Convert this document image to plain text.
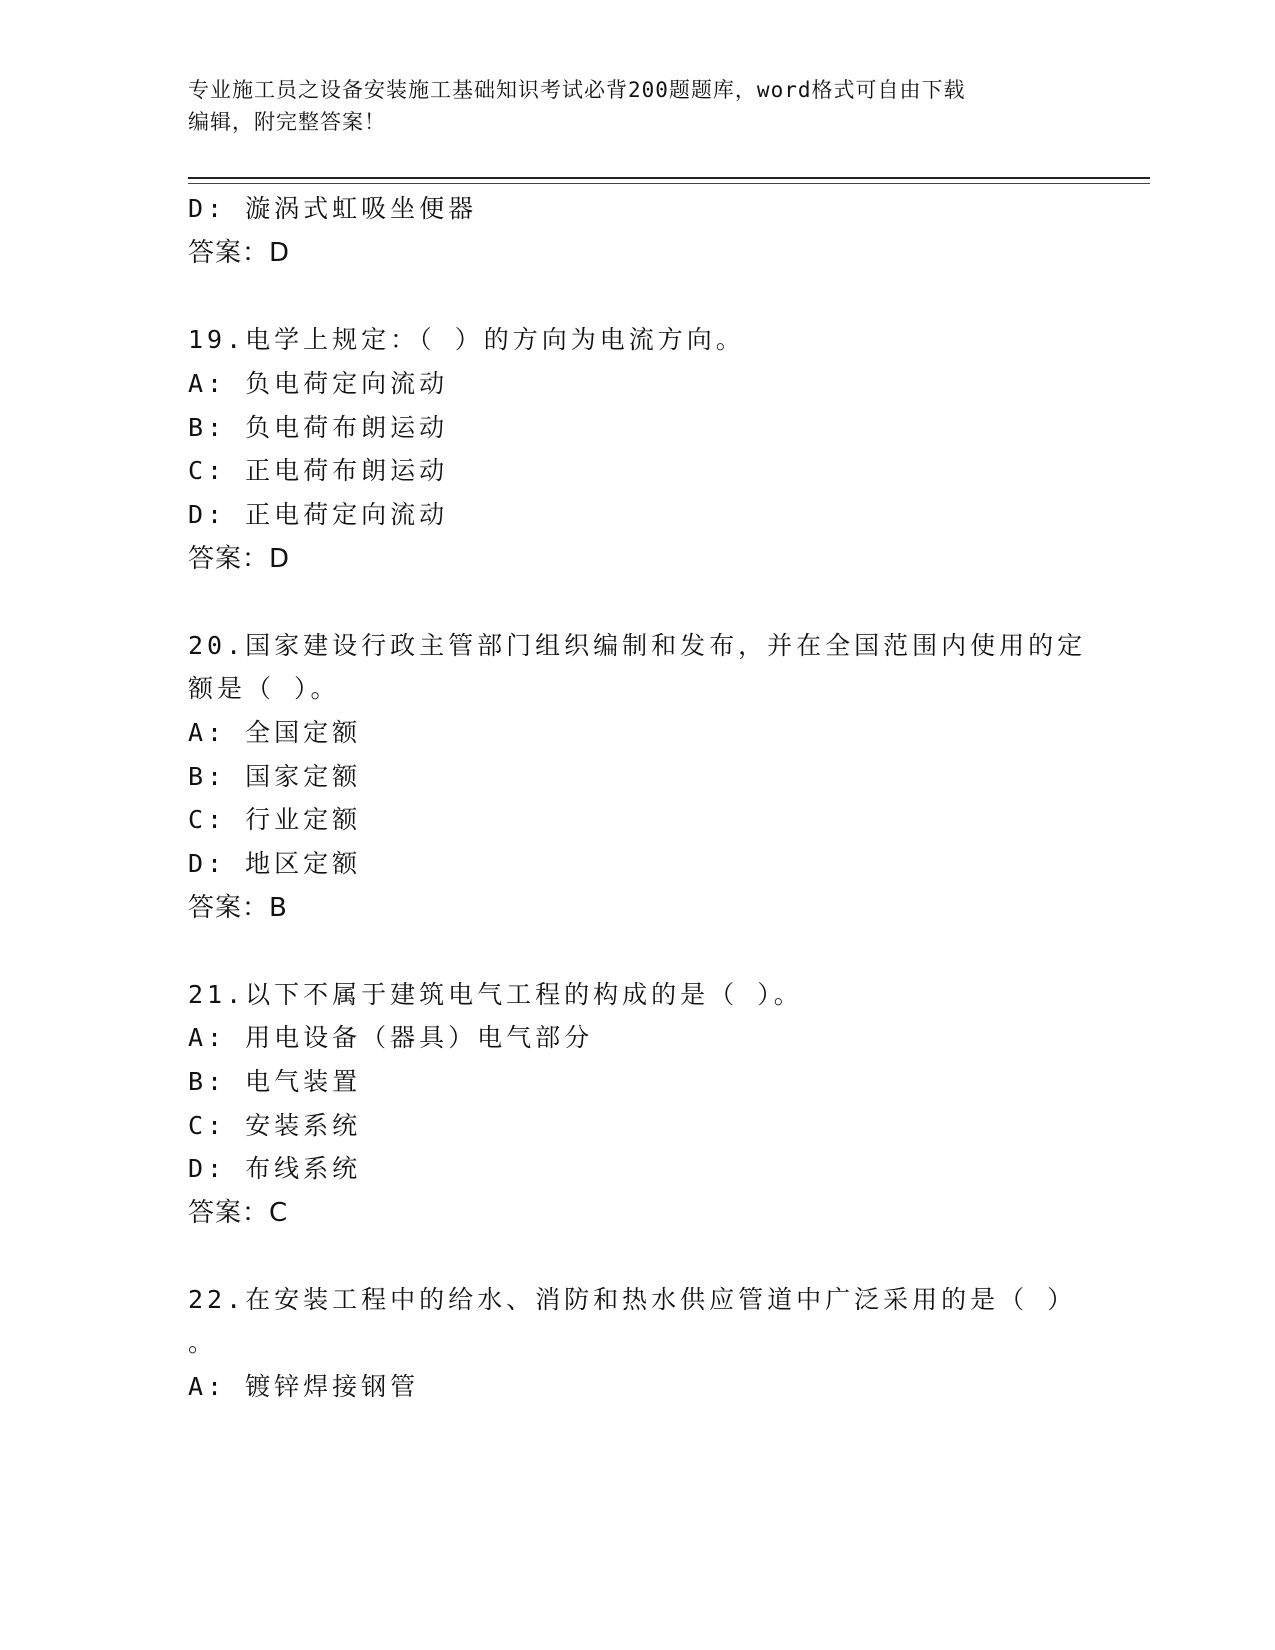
专业施工员之设备安装施工基础知识考试必背200题题库，word格式可自由下载
编辑，附完整答案！
D: 漩涡式虹吸坐便器
答案：D
19.电学上规定：（ ）的方向为电流方向。
A: 负电荷定向流动
B: 负电荷布朗运动
C: 正电荷布朗运动
D: 正电荷定向流动
答案：D
20.国家建设行政主管部门组织编制和发布，并在全国范围内使用的定
额是（ ）。
A: 全国定额
B: 国家定额
C: 行业定额
D: 地区定额
答案：B
21.以下不属于建筑电气工程的构成的是（ ）。
A: 用电设备（器具）电气部分
B: 电气装置
C: 安装系统
D: 布线系统
答案：C
22.在安装工程中的给水、消防和热水供应管道中广泛采用的是（ ）
。
A: 镀锌焊接钢管
